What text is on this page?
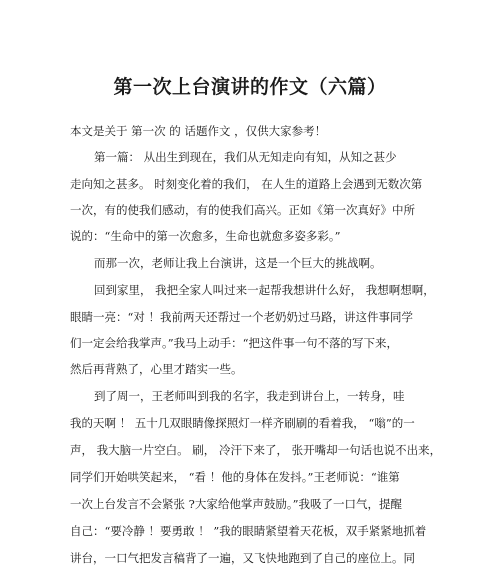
第一次上台演讲的作文（六篇）
本文是关于 第一次 的 话题作文 ，仅供大家参考！
第一篇： 从出生到现在，我们从无知走向有知，从知之甚少
走向知之甚多。 时刻变化着的我们， 在人生的道路上会遇到无数次第
一次，有的使我们感动，有的使我们高兴。正如《第一次真好》中所
说的：“生命中的第一次愈多，生命也就愈多姿多彩。”
而那一次，老师让我上台演讲，这是一个巨大的挑战啊。
回到家里， 我把全家人叫过来一起帮我想讲什么好， 我想啊想啊，
眼睛一亮：“对 ！我前两天还帮过一个老奶奶过马路，讲这件事同学
们一定会给我掌声。”我马上动手：“把这件事一句不落的写下来，
然后再背熟了，心里才踏实一些。
到了周一，王老师叫到我的名字，我走到讲台上，一转身，哇
我的天啊 ！ 五十几双眼睛像探照灯一样齐刷刷的看着我， “嗡”的一
声， 我大脑一片空白。 刷， 冷汗下来了， 张开嘴却一句话也说不出来，
同学们开始哄笑起来， “看 ！他的身体在发抖。”王老师说：“谁第
一次上台发言不会紧张 ?大家给他掌声鼓励。”我吸了一口气，提醒
自己：“要冷静 ！要勇敢 ！ ”我的眼睛紧望着天花板，双手紧紧地抓着
讲台，一口气把发言稿背了一遍，又飞快地跑到了自己的座位上。同
